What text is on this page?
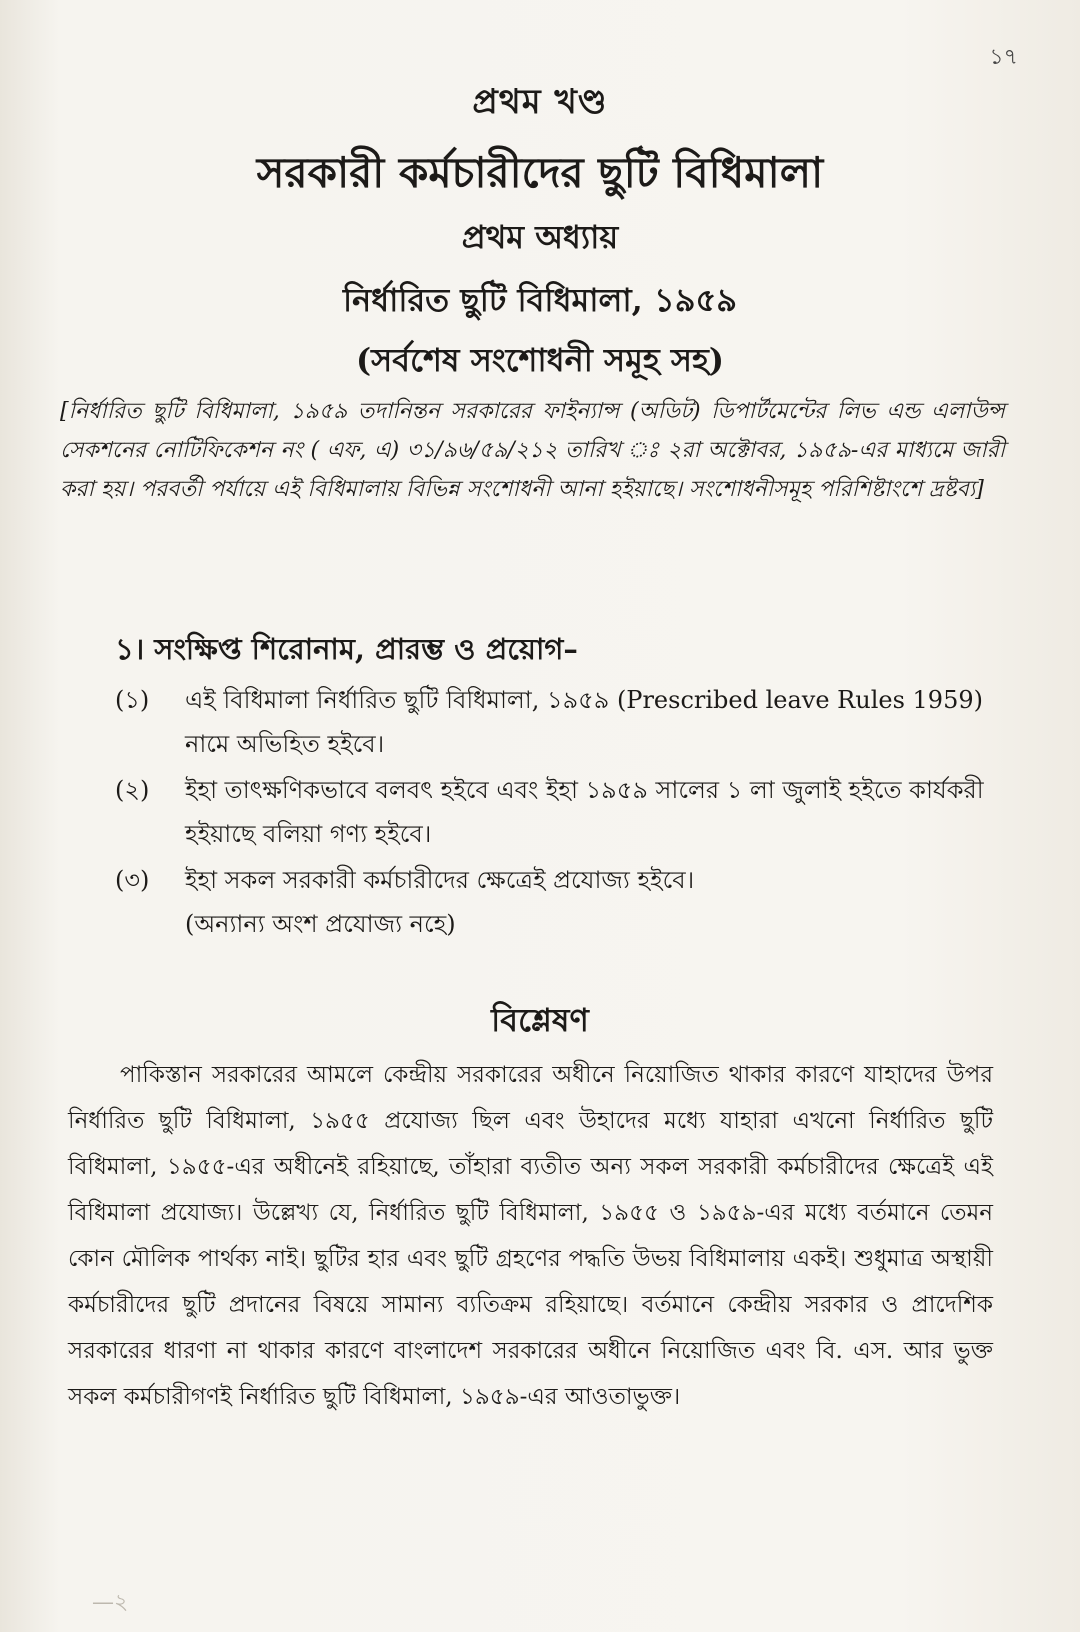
১৭
প্রথম খণ্ড
সরকারী কর্মচারীদের ছুটি বিধিমালা
প্রথম অধ্যায়
নির্ধারিত ছুটি বিধিমালা, ১৯৫৯
(সর্বশেষ সংশোধনী সমূহ সহ)
[নির্ধারিত ছুটি বিধিমালা, ১৯৫৯ তদানিন্তন সরকারের ফাইন্যান্স (অডিট) ডিপার্টমেন্টের লিভ এন্ড এলাউন্স সেকশনের নোটিফিকেশন নং ( এফ, এ) ৩১/৯৬/৫৯/২১২ তারিখ ঃ ২রা অক্টোবর, ১৯৫৯-এর মাধ্যমে জারী করা হয়। পরবর্তী পর্যায়ে এই বিধিমালায় বিভিন্ন সংশোধনী আনা হইয়াছে। সংশোধনীসমূহ পরিশিষ্টাংশে দ্রষ্টব্য]
১। সংক্ষিপ্ত শিরোনাম, প্রারম্ভ ও প্রয়োগ–
(১) এই বিধিমালা নির্ধারিত ছুটি বিধিমালা, ১৯৫৯ (Prescribed leave Rules 1959) নামে অভিহিত হইবে।
(২) ইহা তাৎক্ষণিকভাবে বলবৎ হইবে এবং ইহা ১৯৫৯ সালের ১ লা জুলাই হইতে কার্যকরী হইয়াছে বলিয়া গণ্য হইবে।
(৩) ইহা সকল সরকারী কর্মচারীদের ক্ষেত্রেই প্রযোজ্য হইবে।
(অন্যান্য অংশ প্রযোজ্য নহে)
বিশ্লেষণ
পাকিস্তান সরকারের আমলে কেন্দ্রীয় সরকারের অধীনে নিয়োজিত থাকার কারণে যাহাদের উপর নির্ধারিত ছুটি বিধিমালা, ১৯৫৫ প্রযোজ্য ছিল এবং উহাদের মধ্যে যাহারা এখনো নির্ধারিত ছুটি বিধিমালা, ১৯৫৫-এর অধীনেই রহিয়াছে, তাঁহারা ব্যতীত অন্য সকল সরকারী কর্মচারীদের ক্ষেত্রেই এই বিধিমালা প্রযোজ্য। উল্লেখ্য যে, নির্ধারিত ছুটি বিধিমালা, ১৯৫৫ ও ১৯৫৯-এর মধ্যে বর্তমানে তেমন কোন মৌলিক পার্থক্য নাই। ছুটির হার এবং ছুটি গ্রহণের পদ্ধতি উভয় বিধিমালায় একই। শুধুমাত্র অস্থায়ী কর্মচারীদের ছুটি প্রদানের বিষয়ে সামান্য ব্যতিক্রম রহিয়াছে। বর্তমানে কেন্দ্রীয় সরকার ও প্রাদেশিক সরকারের ধারণা না থাকার কারণে বাংলাদেশ সরকারের অধীনে নিয়োজিত এবং বি. এস. আর ভুক্ত সকল কর্মচারীগণই নির্ধারিত ছুটি বিধিমালা, ১৯৫৯-এর আওতাভুক্ত।
—২
